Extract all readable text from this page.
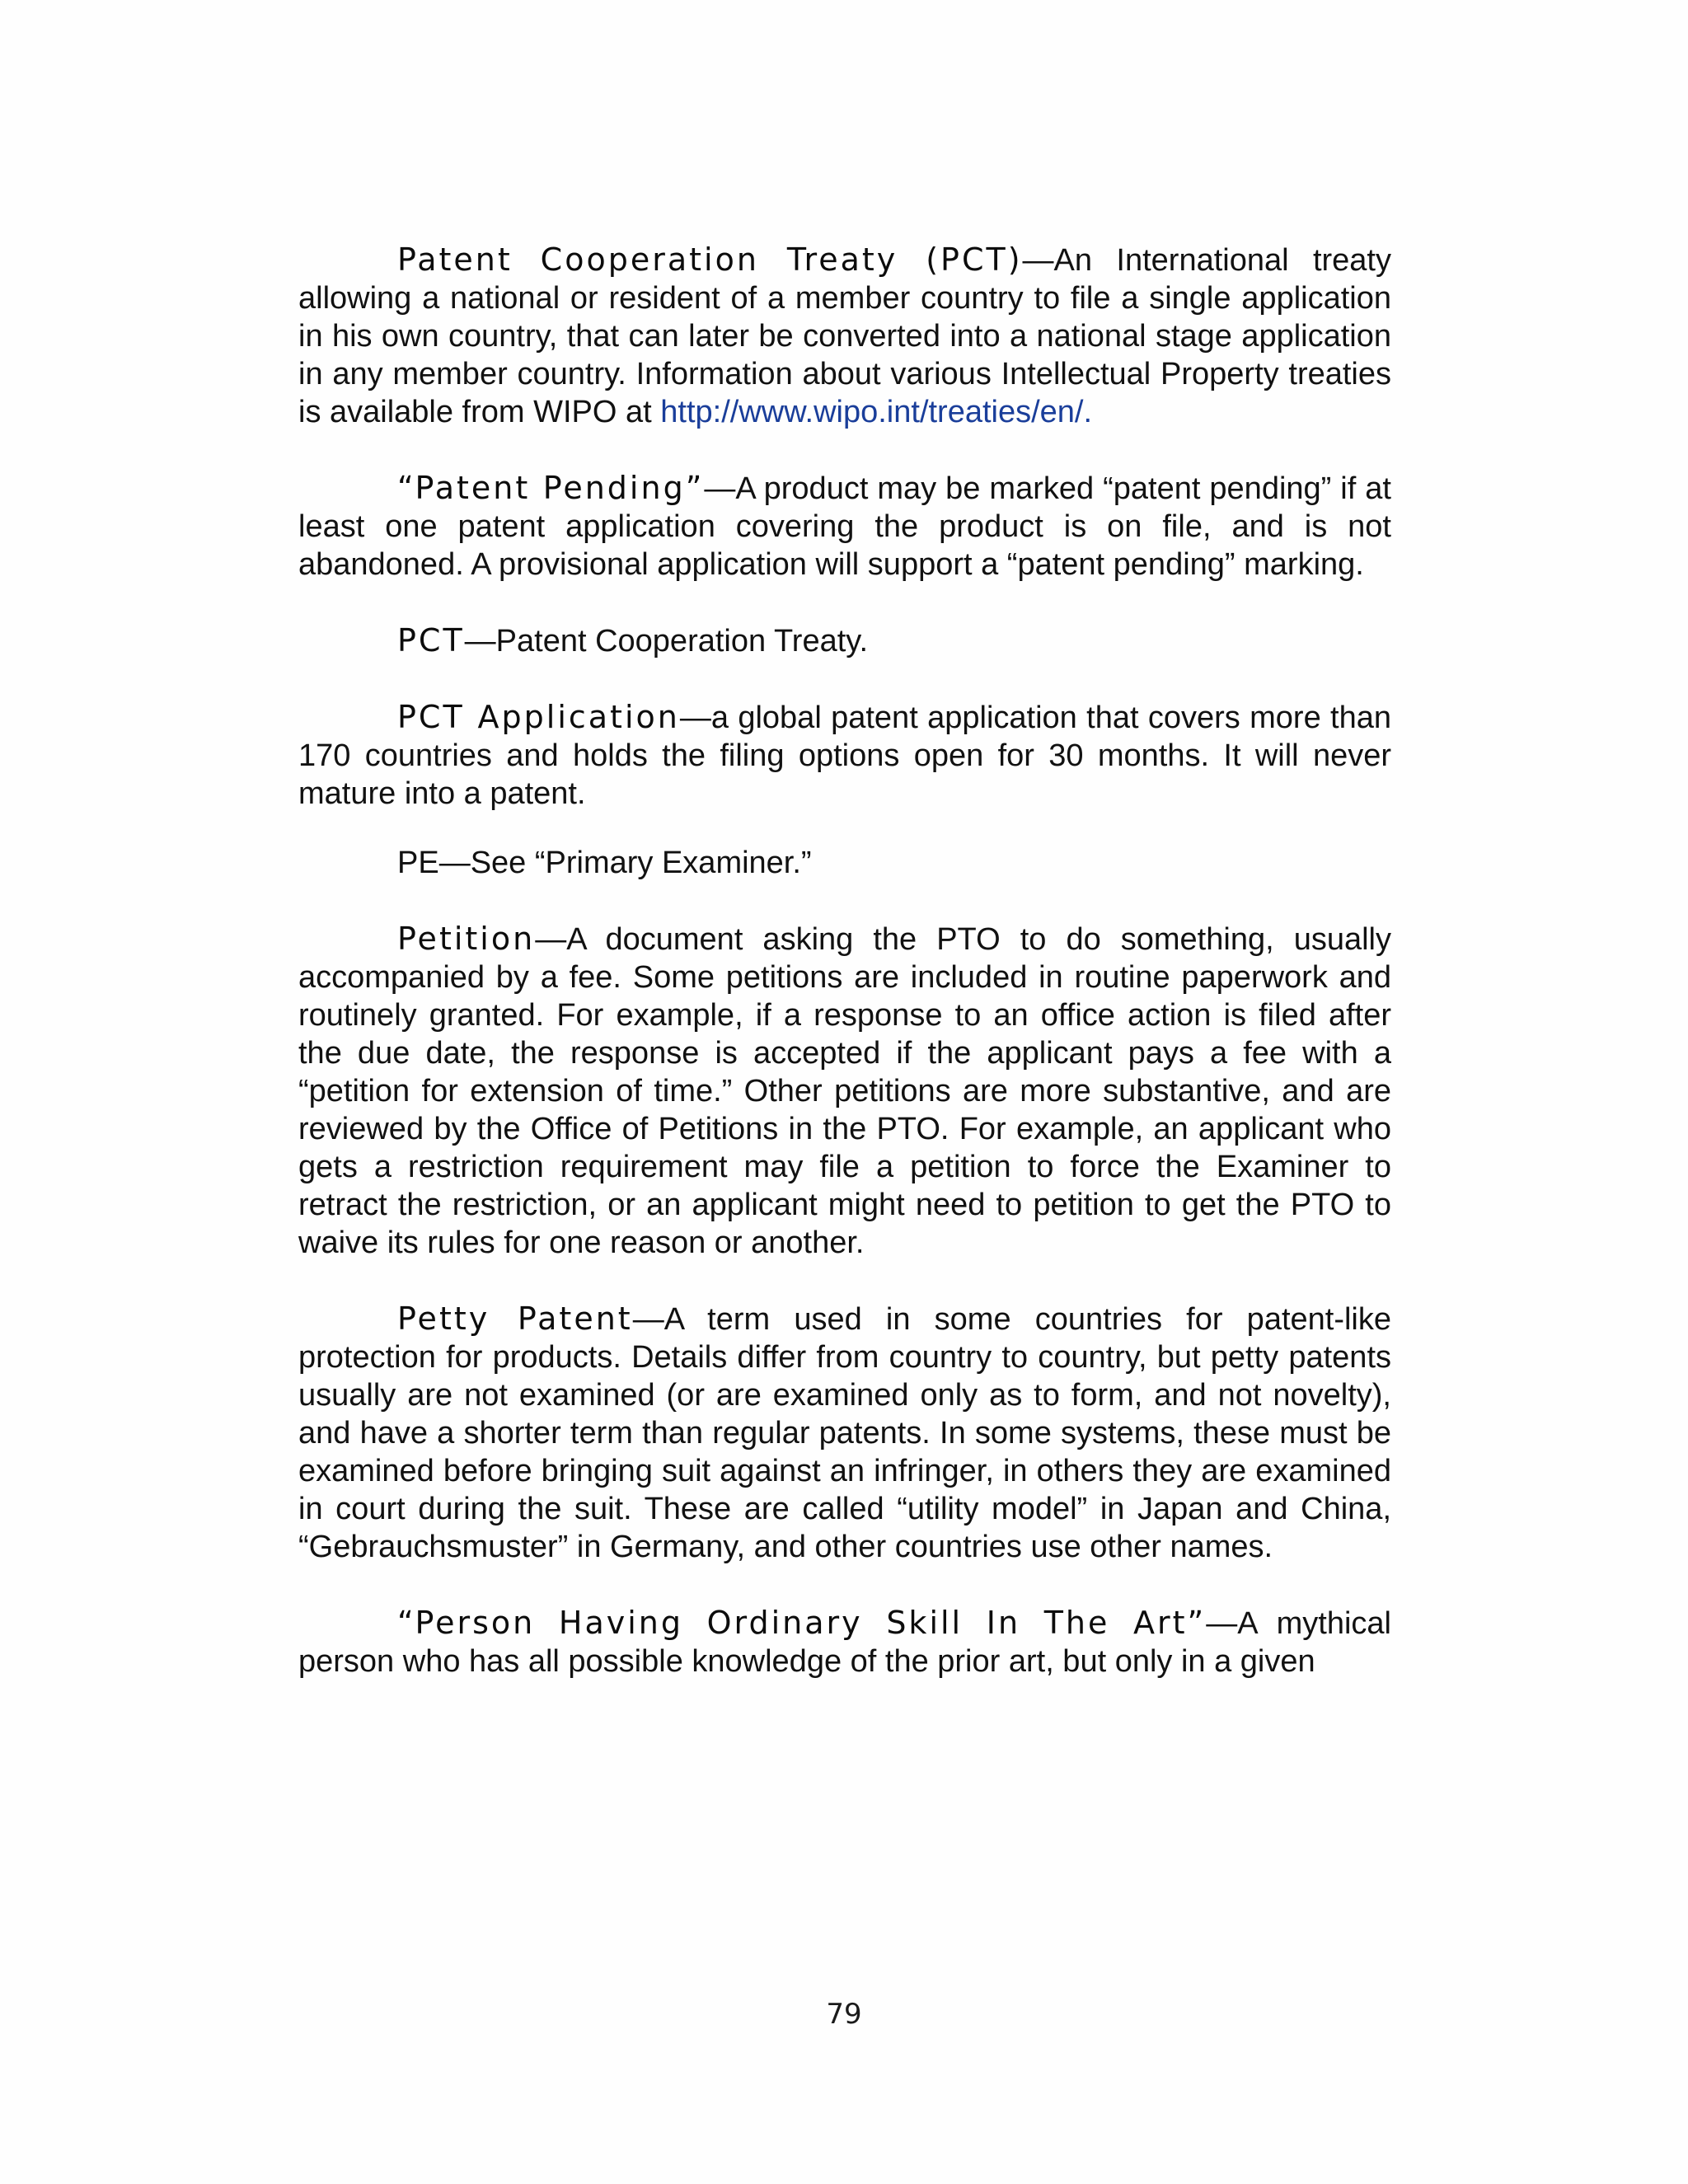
Patent Cooperation Treaty (PCT)—An International treaty allowing a national or resident of a member country to file a single application in his own country, that can later be converted into a national stage application in any member country. Information about various Intellectual Property treaties is available from WIPO at http://www.wipo.int/treaties/en/.

“Patent Pending”—A product may be marked “patent pending” if at least one patent application covering the product is on file, and is not abandoned. A provisional application will support a “patent pending” marking.

PCT—Patent Cooperation Treaty.

PCT Application—a global patent application that covers more than 170 countries and holds the filing options open for 30 months. It will never mature into a patent.

PE—See “Primary Examiner.”

Petition—A document asking the PTO to do something, usually accompanied by a fee. Some petitions are included in routine paperwork and routinely granted. For example, if a response to an office action is filed after the due date, the response is accepted if the applicant pays a fee with a “petition for extension of time.” Other petitions are more substantive, and are reviewed by the Office of Petitions in the PTO. For example, an applicant who gets a restriction requirement may file a petition to force the Examiner to retract the restriction, or an applicant might need to petition to get the PTO to waive its rules for one reason or another.

Petty Patent—A term used in some countries for patent-like protection for products. Details differ from country to country, but petty patents usually are not examined (or are examined only as to form, and not novelty), and have a shorter term than regular patents. In some systems, these must be examined before bringing suit against an infringer, in others they are examined in court during the suit. These are called “utility model” in Japan and China, “Gebrauchsmuster” in Germany, and other countries use other names.

“Person Having Ordinary Skill In The Art”—A mythical person who has all possible knowledge of the prior art, but only in a given

79
